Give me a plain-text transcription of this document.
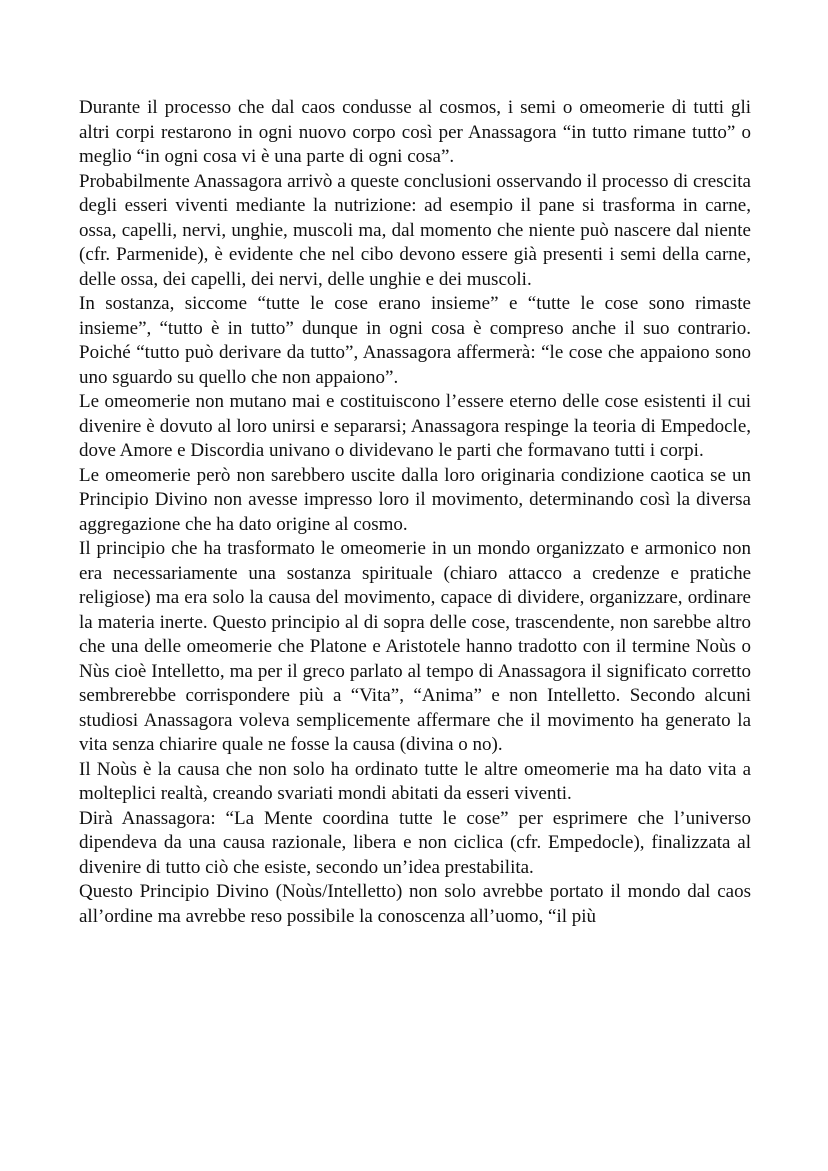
Durante il processo che dal caos condusse al cosmos, i semi o omeomerie di tutti gli altri corpi restarono in ogni nuovo corpo così per Anassagora “in tutto rimane tutto” o meglio “in ogni cosa vi è una parte di ogni cosa”.

Probabilmente Anassagora arrivò a queste conclusioni osservando il processo di crescita degli esseri viventi mediante la nutrizione: ad esempio il pane si trasforma in carne, ossa, capelli, nervi, unghie, muscoli ma, dal momento che niente può nascere dal niente (cfr. Parmenide), è evidente che nel cibo devono essere già presenti i semi della carne, delle ossa, dei capelli, dei nervi, delle unghie e dei muscoli.

In sostanza, siccome “tutte le cose erano insieme” e “tutte le cose sono rimaste insieme”, “tutto è in tutto” dunque in ogni cosa è compreso anche il suo contrario. Poiché “tutto può derivare da tutto”, Anassagora affermerà: “le cose che appaiono sono uno sguardo su quello che non appaiono”.

Le omeomerie non mutano mai e costituiscono l’essere eterno delle cose esistenti il cui divenire è dovuto al loro unirsi e separarsi; Anassagora respinge la teoria di Empedocle, dove Amore e Discordia univano o dividevano le parti che formavano tutti i corpi.

Le omeomerie però non sarebbero uscite dalla loro originaria condizione caotica se un Principio Divino non avesse impresso loro il movimento, determinando così la diversa aggregazione che ha dato origine al cosmo.

Il principio che ha trasformato le omeomerie in un mondo organizzato e armonico non era necessariamente una sostanza spirituale (chiaro attacco a credenze e pratiche religiose) ma era solo la causa del movimento, capace di dividere, organizzare, ordinare la materia inerte. Questo principio al di sopra delle cose, trascendente, non sarebbe altro che una delle omeomerie che Platone e Aristotele hanno tradotto con il termine Noùs o Nùs cioè Intelletto, ma per il greco parlato al tempo di Anassagora il significato corretto sembrerebbe corrispondere più a “Vita”, “Anima” e non Intelletto. Secondo alcuni studiosi Anassagora voleva semplicemente affermare che il movimento ha generato la vita senza chiarire quale ne fosse la causa (divina o no).

Il Noùs è la causa che non solo ha ordinato tutte le altre omeomerie ma ha dato vita a molteplici realtà, creando svariati mondi abitati da esseri viventi.

Dirà Anassagora: “La Mente coordina tutte le cose” per esprimere che l’universo dipendeva da una causa razionale, libera e non ciclica (cfr. Empedocle), finalizzata al divenire di tutto ciò che esiste, secondo un’idea prestabilita.

Questo Principio Divino (Noùs/Intelletto) non solo avrebbe portato il mondo dal caos all’ordine ma avrebbe reso possibile la conoscenza all’uomo, “il più
